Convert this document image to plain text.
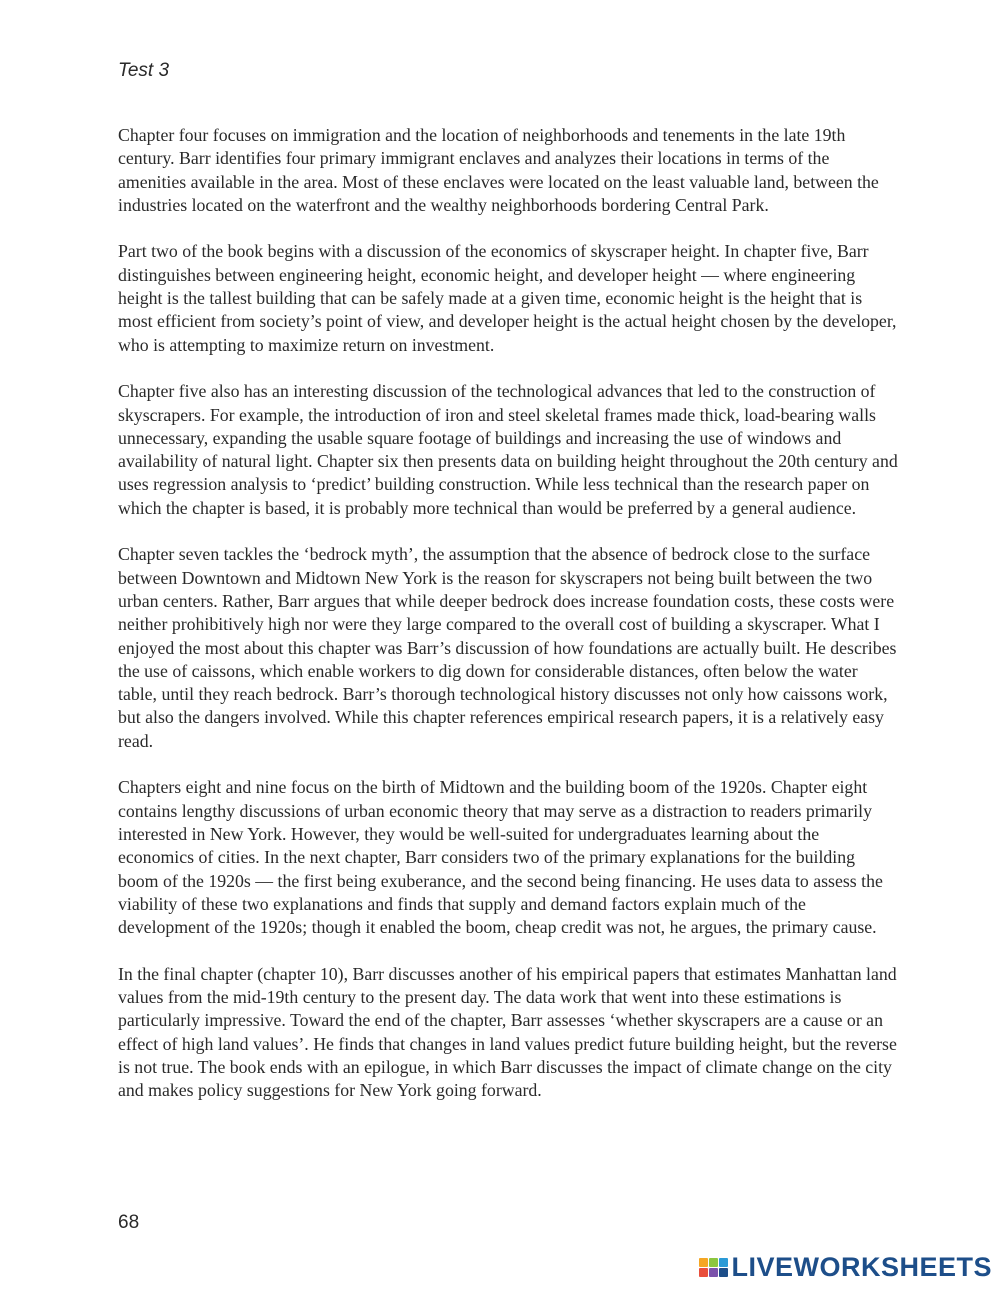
Test 3

Chapter four focuses on immigration and the location of neighborhoods and tenements in the late 19th century. Barr identifies four primary immigrant enclaves and analyzes their locations in terms of the amenities available in the area. Most of these enclaves were located on the least valuable land, between the industries located on the waterfront and the wealthy neighborhoods bordering Central Park.

Part two of the book begins with a discussion of the economics of skyscraper height. In chapter five, Barr distinguishes between engineering height, economic height, and developer height — where engineering height is the tallest building that can be safely made at a given time, economic height is the height that is most efficient from society’s point of view, and developer height is the actual height chosen by the developer, who is attempting to maximize return on investment.

Chapter five also has an interesting discussion of the technological advances that led to the construction of skyscrapers. For example, the introduction of iron and steel skeletal frames made thick, load-bearing walls unnecessary, expanding the usable square footage of buildings and increasing the use of windows and availability of natural light. Chapter six then presents data on building height throughout the 20th century and uses regression analysis to ‘predict’ building construction. While less technical than the research paper on which the chapter is based, it is probably more technical than would be preferred by a general audience.

Chapter seven tackles the ‘bedrock myth’, the assumption that the absence of bedrock close to the surface between Downtown and Midtown New York is the reason for skyscrapers not being built between the two urban centers. Rather, Barr argues that while deeper bedrock does increase foundation costs, these costs were neither prohibitively high nor were they large compared to the overall cost of building a skyscraper. What I enjoyed the most about this chapter was Barr’s discussion of how foundations are actually built. He describes the use of caissons, which enable workers to dig down for considerable distances, often below the water table, until they reach bedrock. Barr’s thorough technological history discusses not only how caissons work, but also the dangers involved. While this chapter references empirical research papers, it is a relatively easy read.

Chapters eight and nine focus on the birth of Midtown and the building boom of the 1920s. Chapter eight contains lengthy discussions of urban economic theory that may serve as a distraction to readers primarily interested in New York. However, they would be well-suited for undergraduates learning about the economics of cities. In the next chapter, Barr considers two of the primary explanations for the building boom of the 1920s — the first being exuberance, and the second being financing. He uses data to assess the viability of these two explanations and finds that supply and demand factors explain much of the development of the 1920s; though it enabled the boom, cheap credit was not, he argues, the primary cause.

In the final chapter (chapter 10), Barr discusses another of his empirical papers that estimates Manhattan land values from the mid-19th century to the present day. The data work that went into these estimations is particularly impressive. Toward the end of the chapter, Barr assesses ‘whether skyscrapers are a cause or an effect of high land values’. He finds that changes in land values predict future building height, but the reverse is not true. The book ends with an epilogue, in which Barr discusses the impact of climate change on the city and makes policy suggestions for New York going forward.

68
LIVEWORKSHEETS
